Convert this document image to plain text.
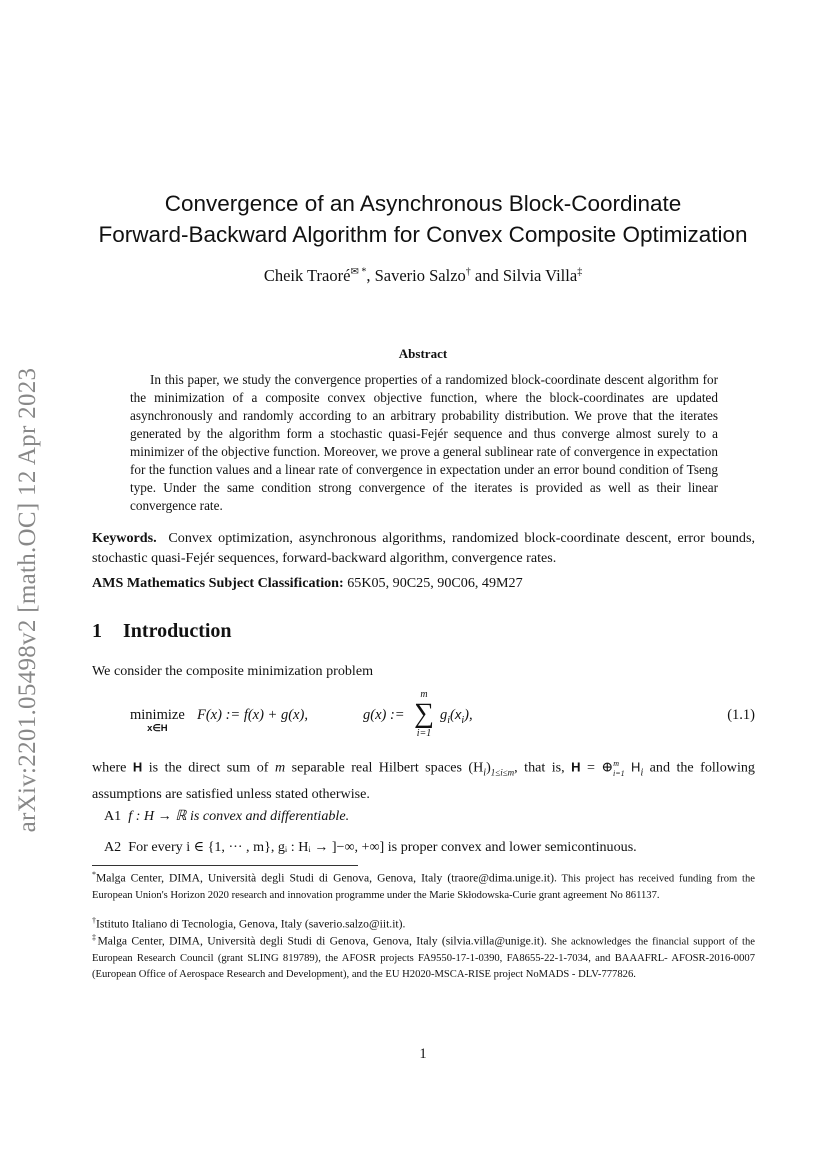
arXiv:2201.05498v2 [math.OC] 12 Apr 2023
Convergence of an Asynchronous Block-Coordinate
Forward-Backward Algorithm for Convex Composite Optimization
Cheik Traoré✉ *, Saverio Salzo† and Silvia Villa‡
Abstract
In this paper, we study the convergence properties of a randomized block-coordinate descent algorithm for the minimization of a composite convex objective function, where the block-coordinates are updated asynchronously and randomly according to an arbitrary probability distribution. We prove that the iterates generated by the algorithm form a stochastic quasi-Fejér sequence and thus converge almost surely to a minimizer of the objective function. Moreover, we prove a general sublinear rate of convergence in expectation for the function values and a linear rate of convergence in expectation under an error bound condition of Tseng type. Under the same condition strong convergence of the iterates is provided as well as their linear convergence rate.
Keywords. Convex optimization, asynchronous algorithms, randomized block-coordinate descent, error bounds, stochastic quasi-Fejér sequences, forward-backward algorithm, convergence rates.
AMS Mathematics Subject Classification: 65K05, 90C25, 90C06, 49M27
1 Introduction
We consider the composite minimization problem
minimize
x∈H
F(x) := f(x) + g(x),	g(x) :=
m
∑
i=1
$g_i(x_i)$,	(1.1)
where H is the direct sum of m separable real Hilbert spaces $(H_i)_{1\le i\le m}$, that is, H = ⊕$^m_{i=1}$ $H_i$ and the following assumptions are satisfied unless stated otherwise.
A1 f : H → ℝ is convex and differentiable.
A2 For every i ∈ {1, ··· , m}, gᵢ : Hᵢ → ]−∞, +∞] is proper convex and lower semicontinuous.
*Malga Center, DIMA, Università degli Studi di Genova, Genova, Italy (traore@dima.unige.it). This project has received funding from the European Union's Horizon 2020 research and innovation programme under the Marie Skłodowska-Curie grant agreement No 861137.
†Istituto Italiano di Tecnologia, Genova, Italy (saverio.salzo@iit.it).
‡Malga Center, DIMA, Università degli Studi di Genova, Genova, Italy (silvia.villa@unige.it). She acknowledges the financial support of the European Research Council (grant SLING 819789), the AFOSR projects FA9550-17-1-0390, FA8655-22-1-7034, and BAAAFRL- AFOSR-2016-0007 (European Office of Aerospace Research and Development), and the EU H2020-MSCA-RISE project NoMADS - DLV-777826.
1
